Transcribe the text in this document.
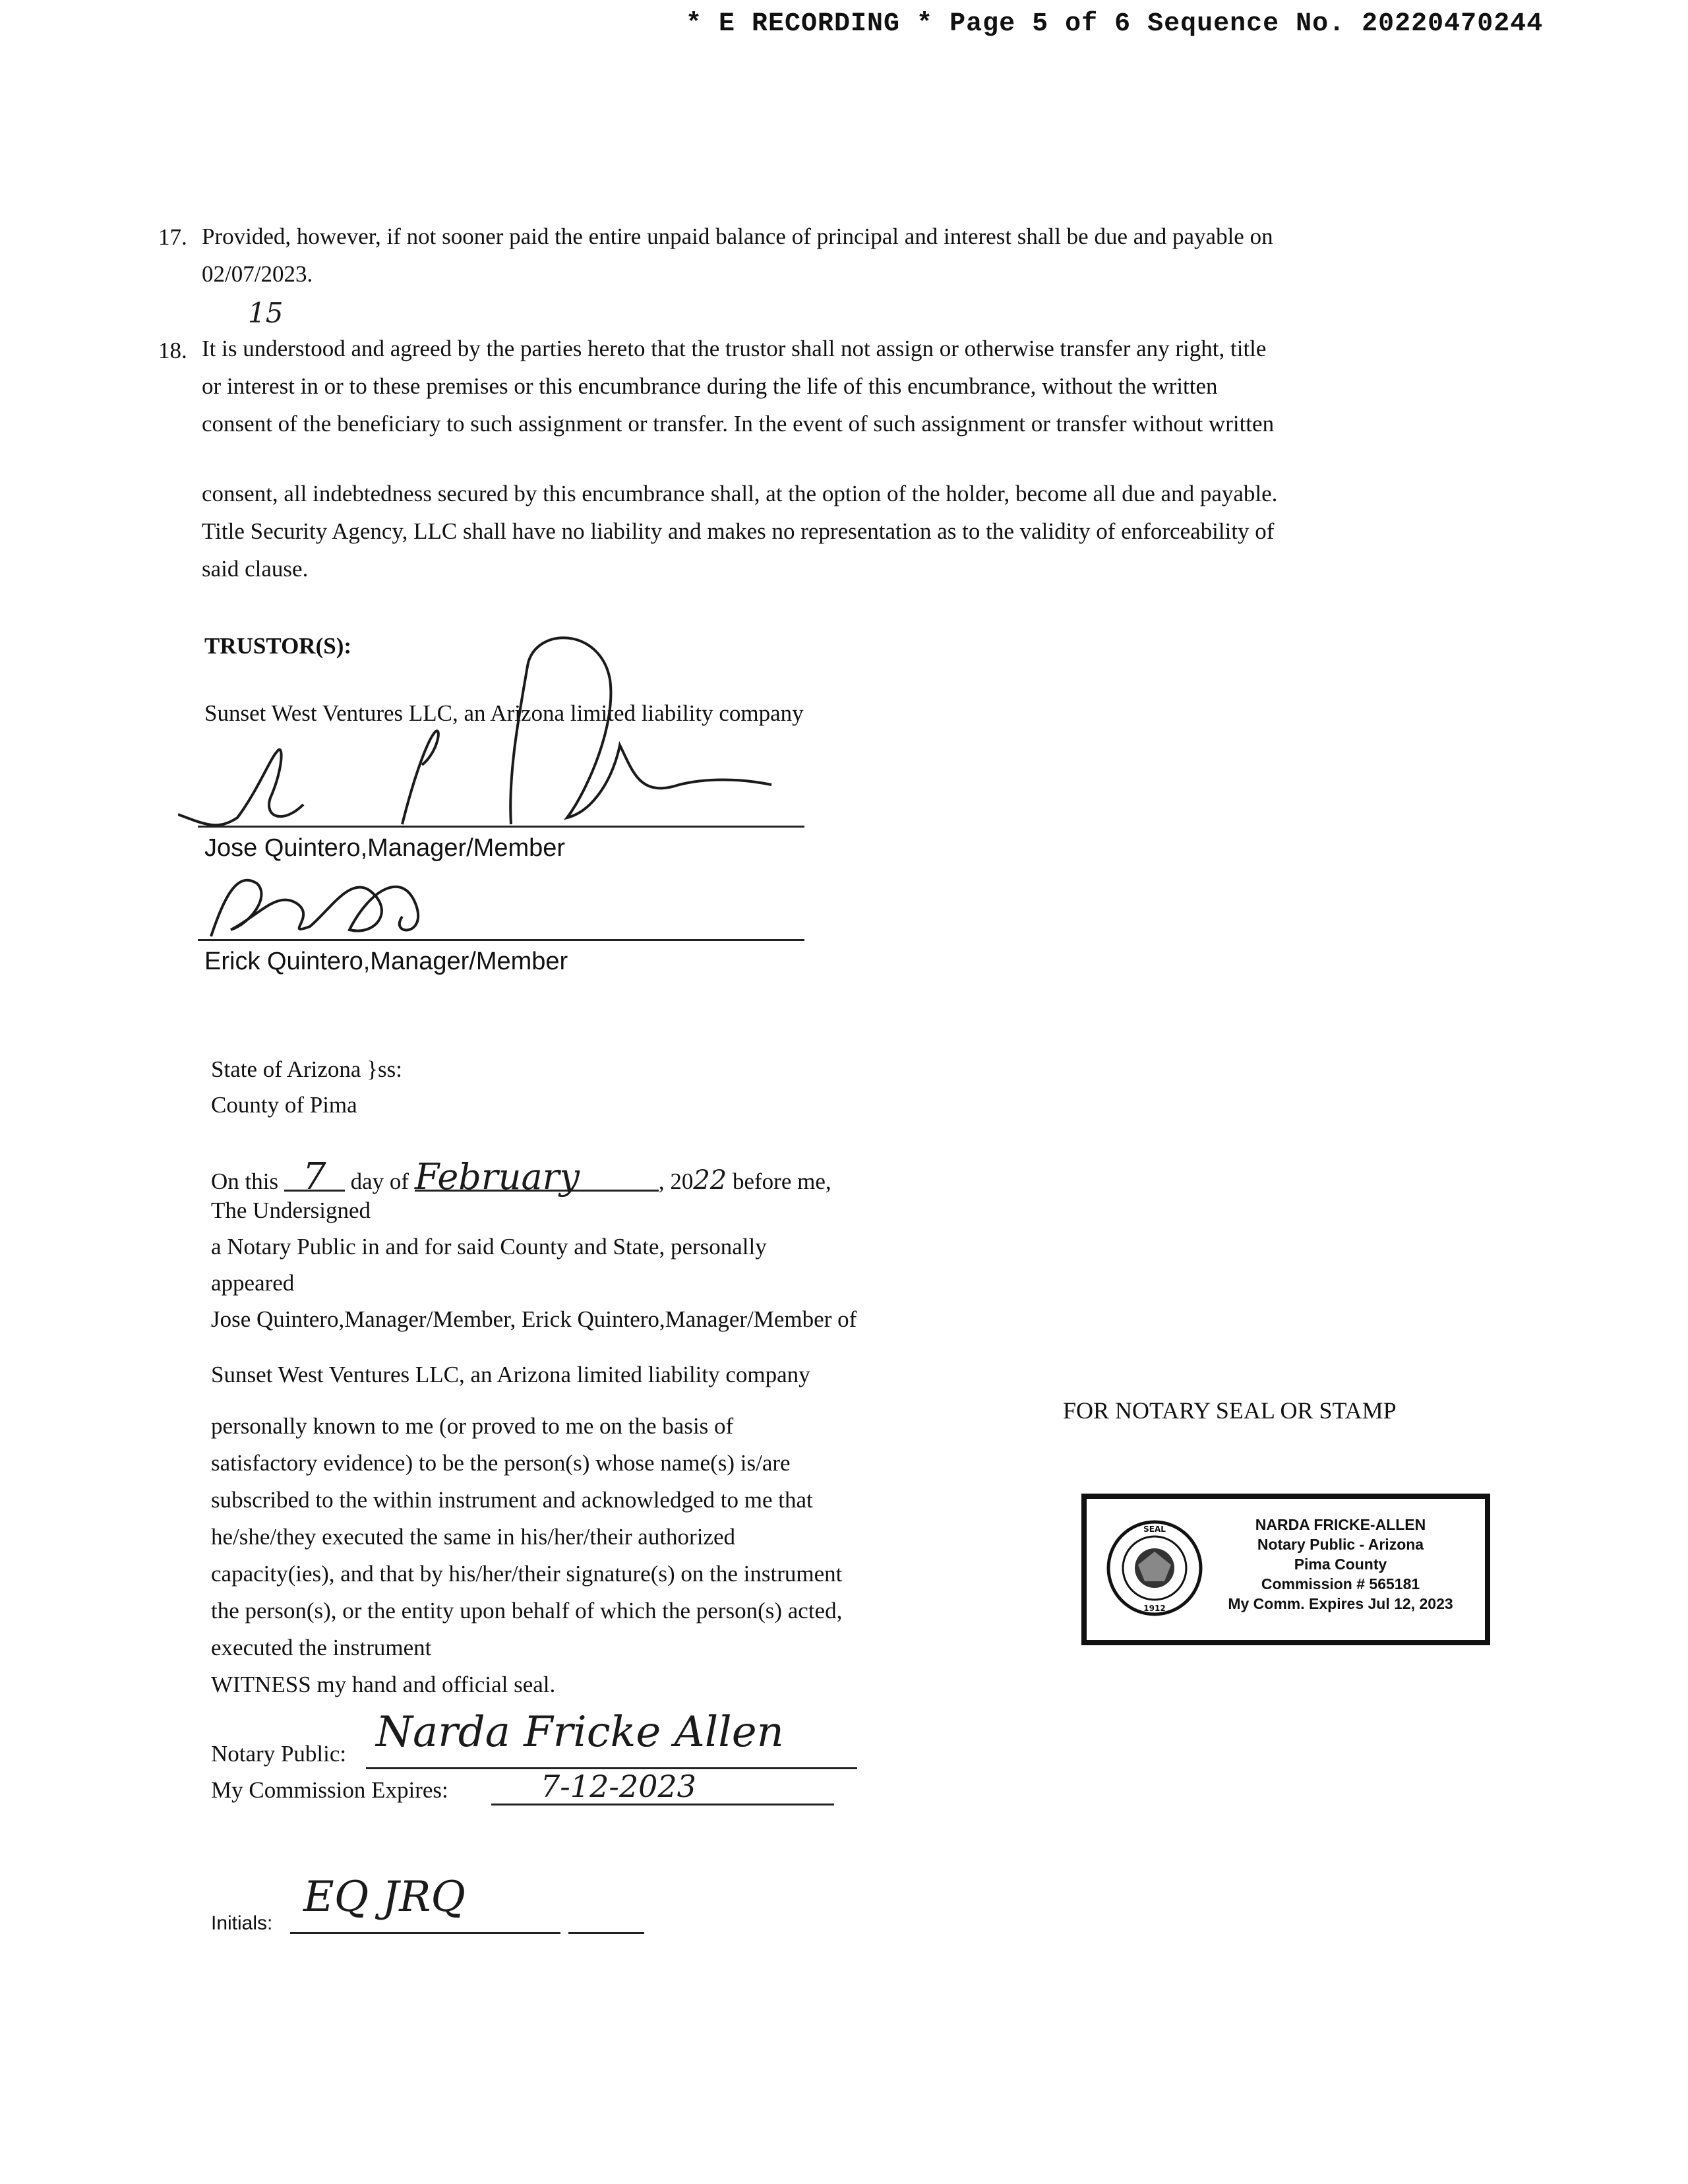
* E RECORDING * Page 5 of 6 Sequence No. 20220470244
17. Provided, however, if not sooner paid the entire unpaid balance of principal and interest shall be due and payable on
02/07/2023.
15
18. It is understood and agreed by the parties hereto that the trustor shall not assign or otherwise transfer any right, title
or interest in or to these premises or this encumbrance during the life of this encumbrance, without the written
consent of the beneficiary to such assignment or transfer. In the event of such assignment or transfer without written
consent, all indebtedness secured by this encumbrance shall, at the option of the holder, become all due and payable.
Title Security Agency, LLC shall have no liability and makes no representation as to the validity of enforceability of
said clause.
TRUSTOR(S):
Sunset West Ventures LLC, an Arizona limited liability company
Jose Quintero,Manager/Member
Erick Quintero,Manager/Member
State of Arizona }ss:
County of Pima
On this 7 day of February	, 2022 before me,
The Undersigned
a Notary Public in and for said County and State, personally
appeared
Jose Quintero,Manager/Member, Erick Quintero,Manager/Member of
Sunset West Ventures LLC, an Arizona limited liability company
personally known to me (or proved to me on the basis of
satisfactory evidence) to be the person(s) whose name(s) is/are
subscribed to the within instrument and acknowledged to me that
he/she/they executed the same in his/her/their authorized
capacity(ies), and that by his/her/their signature(s) on the instrument
the person(s), or the entity upon behalf of which the person(s) acted,
executed the instrument
WITNESS my hand and official seal.
Notary Public: Narda Fricke Allen
My Commission Expires:	7-12-2023
Initials:
EQ JRQ
FOR NOTARY SEAL OR STAMP
SEAL
1912
NARDA FRICKE-ALLEN
Notary Public - Arizona
Pima County
Commission # 565181
My Comm. Expires Jul 12, 2023
